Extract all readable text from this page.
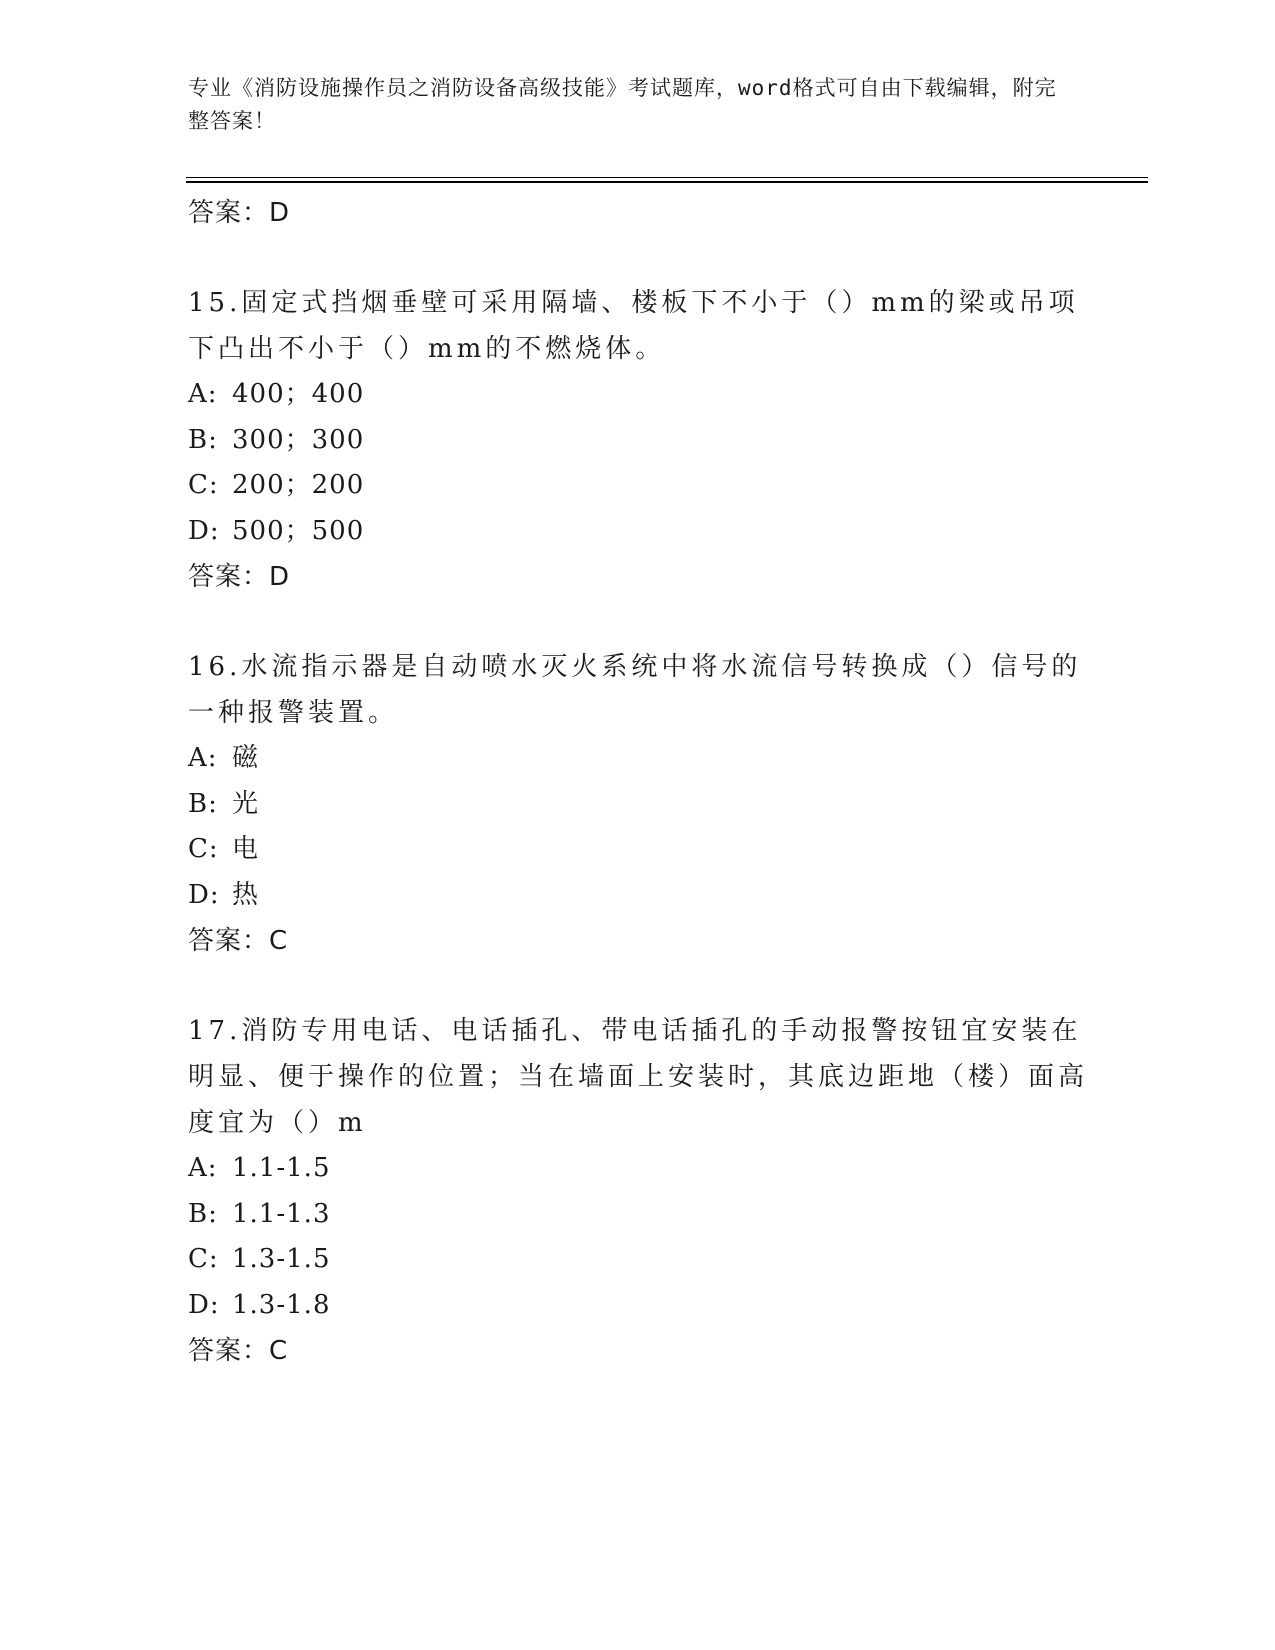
专业《消防设施操作员之消防设备高级技能》考试题库，word格式可自由下载编辑，附完整答案！

答案：D

15.固定式挡烟垂壁可采用隔墙、楼板下不小于（）mm的梁或吊项下凸出不小于（）mm的不燃烧体。

A: 400；400

B: 300；300

C: 200；200

D: 500；500

答案：D

16.水流指示器是自动喷水灭火系统中将水流信号转换成（）信号的一种报警装置。

A: 磁

B: 光

C: 电

D: 热

答案：C

17.消防专用电话、电话插孔、带电话插孔的手动报警按钮宜安装在明显、便于操作的位置；当在墙面上安装时，其底边距地（楼）面高度宜为（）m

A: 1.1-1.5

B: 1.1-1.3

C: 1.3-1.5

D: 1.3-1.8

答案：C
